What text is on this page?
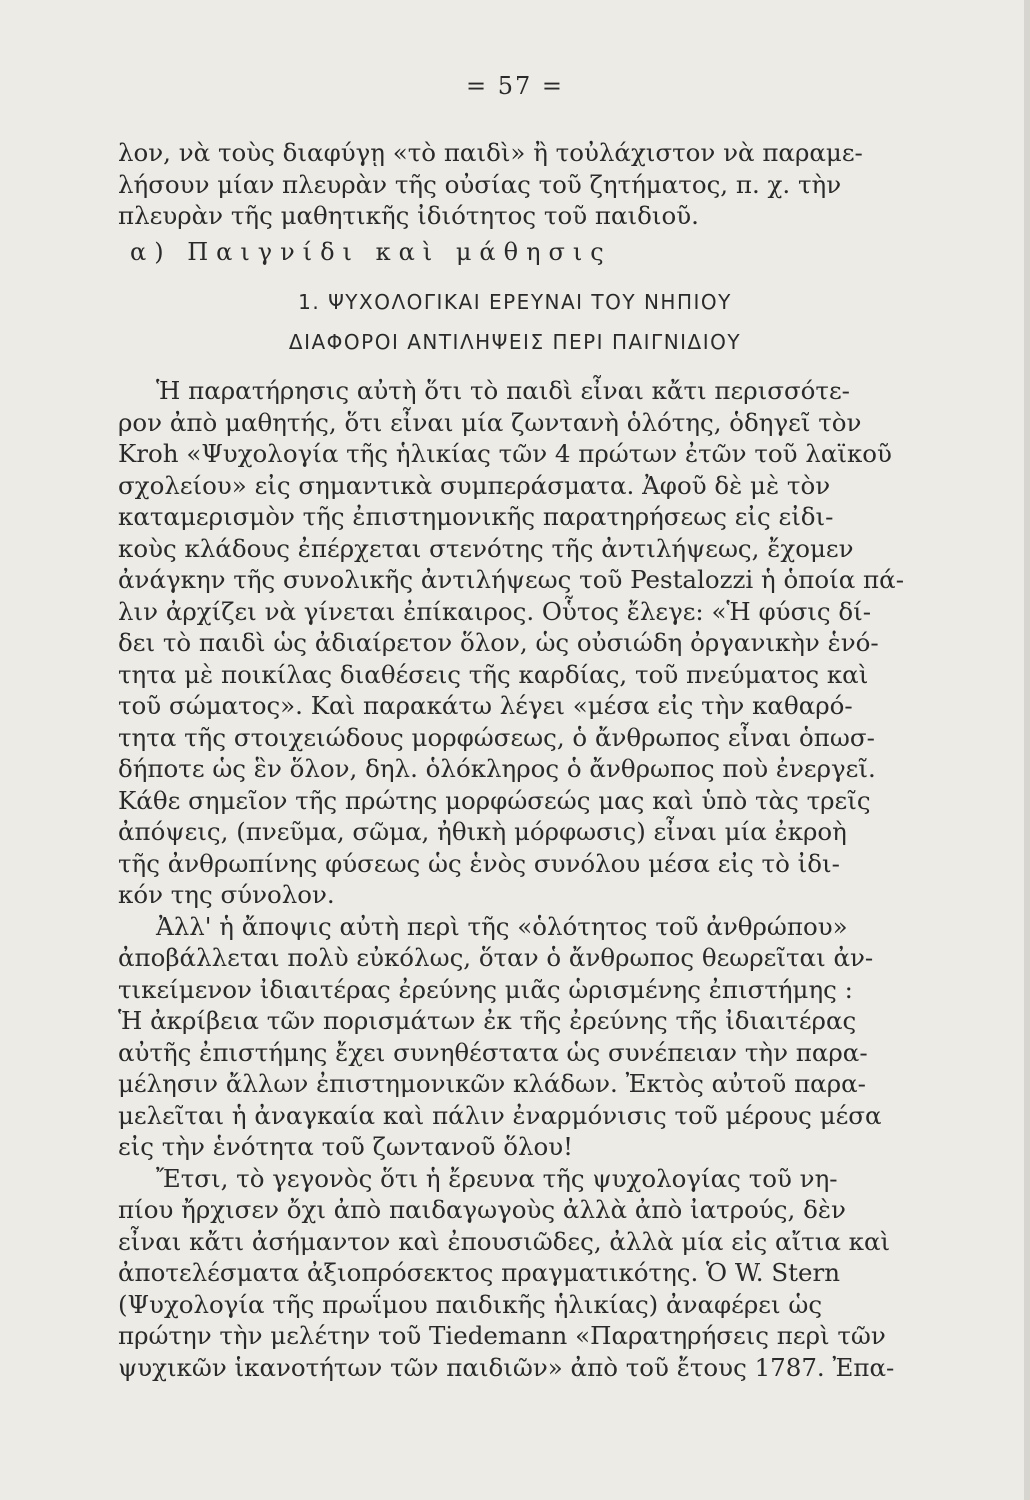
= 57 =
λον, νὰ τοὺς διαφύγῃ «τὸ παιδὶ» ἢ τοὐλάχιστον νὰ παραμε-
λήσουν μίαν πλευρὰν τῆς οὐσίας τοῦ ζητήματος, π. χ. τὴν
πλευρὰν τῆς μαθητικῆς ἰδιότητος τοῦ παιδιοῦ.
α) Παιγνίδι καὶ μάθησις
1. ΨΥΧΟΛΟΓΙΚΑΙ ΕΡΕΥΝΑΙ ΤΟΥ ΝΗΠΙΟΥ
ΔΙΑΦΟΡΟΙ ΑΝΤΙΛΗΨΕΙΣ ΠΕΡΙ ΠΑΙΓΝΙΔΙΟΥ
Ἡ παρατήρησις αὐτὴ ὅτι τὸ παιδὶ εἶναι κἄτι περισσότε-
ρον ἀπὸ μαθητής, ὅτι εἶναι μία ζωντανὴ ὁλότης, ὁδηγεῖ τὸν
Kroh «Ψυχολογία τῆς ἡλικίας τῶν 4 πρώτων ἐτῶν τοῦ λαϊκοῦ
σχολείου» εἰς σημαντικὰ συμπεράσματα. Ἀφοῦ δὲ μὲ τὸν
καταμερισμὸν τῆς ἐπιστημονικῆς παρατηρήσεως εἰς εἰδι-
κοὺς κλάδους ἐπέρχεται στενότης τῆς ἀντιλήψεως, ἔχομεν
ἀνάγκην τῆς συνολικῆς ἀντιλήψεως τοῦ Pestalozzi ἡ ὁποία πά-
λιν ἀρχίζει νὰ γίνεται ἐπίκαιρος. Οὗτος ἔλεγε: «Ἡ φύσις δί-
δει τὸ παιδὶ ὡς ἀδιαίρετον ὅλον, ὡς οὐσιώδη ὀργανικὴν ἑνό-
τητα μὲ ποικίλας διαθέσεις τῆς καρδίας, τοῦ πνεύματος καὶ
τοῦ σώματος». Καὶ παρακάτω λέγει «μέσα εἰς τὴν καθαρό-
τητα τῆς στοιχειώδους μορφώσεως, ὁ ἄνθρωπος εἶναι ὁπωσ-
δήποτε ὡς ἓν ὅλον, δηλ. ὁλόκληρος ὁ ἄνθρωπος ποὺ ἐνεργεῖ.
Κάθε σημεῖον τῆς πρώτης μορφώσεώς μας καὶ ὑπὸ τὰς τρεῖς
ἀπόψεις, (πνεῦμα, σῶμα, ἠθικὴ μόρφωσις) εἶναι μία ἐκροὴ
τῆς ἀνθρωπίνης φύσεως ὡς ἑνὸς συνόλου μέσα εἰς τὸ ἰδι-
κόν της σύνολον.
Ἀλλ' ἡ ἄποψις αὐτὴ περὶ τῆς «ὁλότητος τοῦ ἀνθρώπου»
ἀποβάλλεται πολὺ εὐκόλως, ὅταν ὁ ἄνθρωπος θεωρεῖται ἀν-
τικείμενον ἰδιαιτέρας ἐρεύνης μιᾶς ὡρισμένης ἐπιστήμης :
Ἡ ἀκρίβεια τῶν πορισμάτων ἐκ τῆς ἐρεύνης τῆς ἰδιαιτέρας
αὐτῆς ἐπιστήμης ἔχει συνηθέστατα ὡς συνέπειαν τὴν παρα-
μέλησιν ἄλλων ἐπιστημονικῶν κλάδων. Ἐκτὸς αὐτοῦ παρα-
μελεῖται ἡ ἀναγκαία καὶ πάλιν ἐναρμόνισις τοῦ μέρους μέσα
εἰς τὴν ἑνότητα τοῦ ζωντανοῦ ὅλου!
Ἔτσι, τὸ γεγονὸς ὅτι ἡ ἔρευνα τῆς ψυχολογίας τοῦ νη-
πίου ἤρχισεν ὄχι ἀπὸ παιδαγωγοὺς ἀλλὰ ἀπὸ ἰατρούς, δὲν
εἶναι κἄτι ἀσήμαντον καὶ ἐπουσιῶδες, ἀλλὰ μία εἰς αἴτια καὶ
ἀποτελέσματα ἀξιοπρόσεκτος πραγματικότης. Ὁ W. Stern
(Ψυχολογία τῆς πρωΐμου παιδικῆς ἡλικίας) ἀναφέρει ὡς
πρώτην τὴν μελέτην τοῦ Tiedemann «Παρατηρήσεις περὶ τῶν
ψυχικῶν ἱκανοτήτων τῶν παιδιῶν» ἀπὸ τοῦ ἔτους 1787. Ἐπα-
